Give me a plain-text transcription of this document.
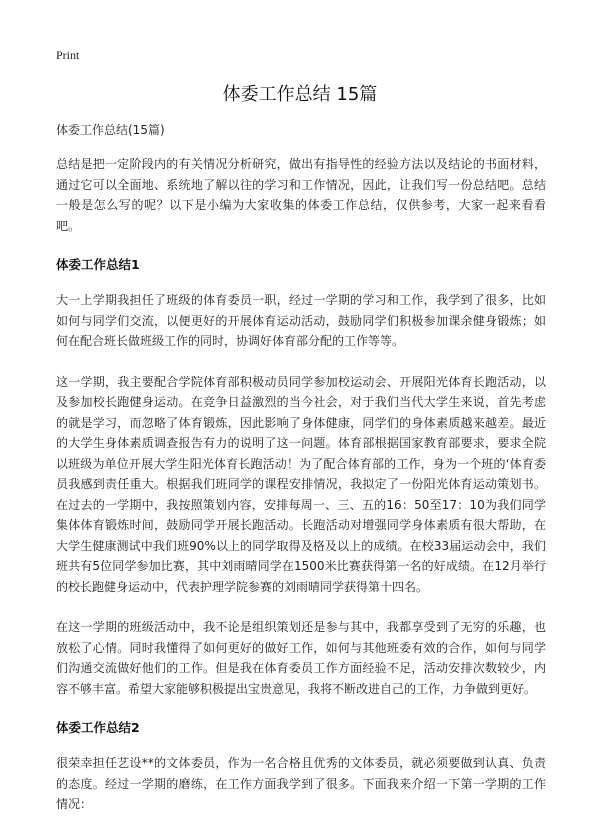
Print
体委工作总结 15篇

体委工作总结(15篇)

总结是把一定阶段内的有关情况分析研究，做出有指导性的经验方法以及结论的书面材料，通过它可以全面地、系统地了解以往的学习和工作情况，因此，让我们写一份总结吧。总结一般是怎么写的呢？以下是小编为大家收集的体委工作总结，仅供参考，大家一起来看看吧。

体委工作总结1

大一上学期我担任了班级的体育委员一职，经过一学期的学习和工作，我学到了很多，比如如何与同学们交流，以便更好的开展体育运动活动，鼓励同学们积极参加课余健身锻炼；如何在配合班长做班级工作的同时，协调好体育部分配的工作等等。

这一学期，我主要配合学院体育部积极动员同学参加校运动会、开展阳光体育长跑活动，以及参加校长跑健身运动。在竞争日益激烈的当今社会，对于我们当代大学生来说，首先考虑的就是学习，而忽略了体育锻炼，因此影响了身体健康，同学们的身体素质越来越差。最近的大学生身体素质调查报告有力的说明了这一问题。体育部根据国家教育部要求，要求全院以班级为单位开展大学生阳光体育长跑活动！为了配合体育部的工作，身为一个班的‘体育委员我感到责任重大。根据我们班同学的课程安排情况，我拟定了一份阳光体育运动策划书。在过去的一学期中，我按照策划内容，安排每周一、三、五的16：50至17：10为我们同学集体体育锻炼时间，鼓励同学开展长跑活动。长跑活动对增强同学身体素质有很大帮助，在大学生健康测试中我们班90%以上的同学取得及格及以上的成绩。在校33届运动会中，我们班共有5位同学参加比赛，其中刘雨晴同学在1500米比赛获得第一名的好成绩。在12月举行的校长跑健身运动中，代表护理学院参赛的刘雨晴同学获得第十四名。

在这一学期的班级活动中，我不论是组织策划还是参与其中，我都享受到了无穷的乐趣，也放松了心情。同时我懂得了如何更好的做好工作，如何与其他班委有效的合作，如何与同学们沟通交流做好他们的工作。但是我在体育委员工作方面经验不足，活动安排次数较少，内容不够丰富。希望大家能够积极提出宝贵意见，我将不断改进自己的工作，力争做到更好。

体委工作总结2

很荣幸担任艺设**的文体委员，作为一名合格且优秀的文体委员，就必须要做到认真、负责的态度。经过一学期的磨练，在工作方面我学到了很多。下面我来介绍一下第一学期的工作情况：
